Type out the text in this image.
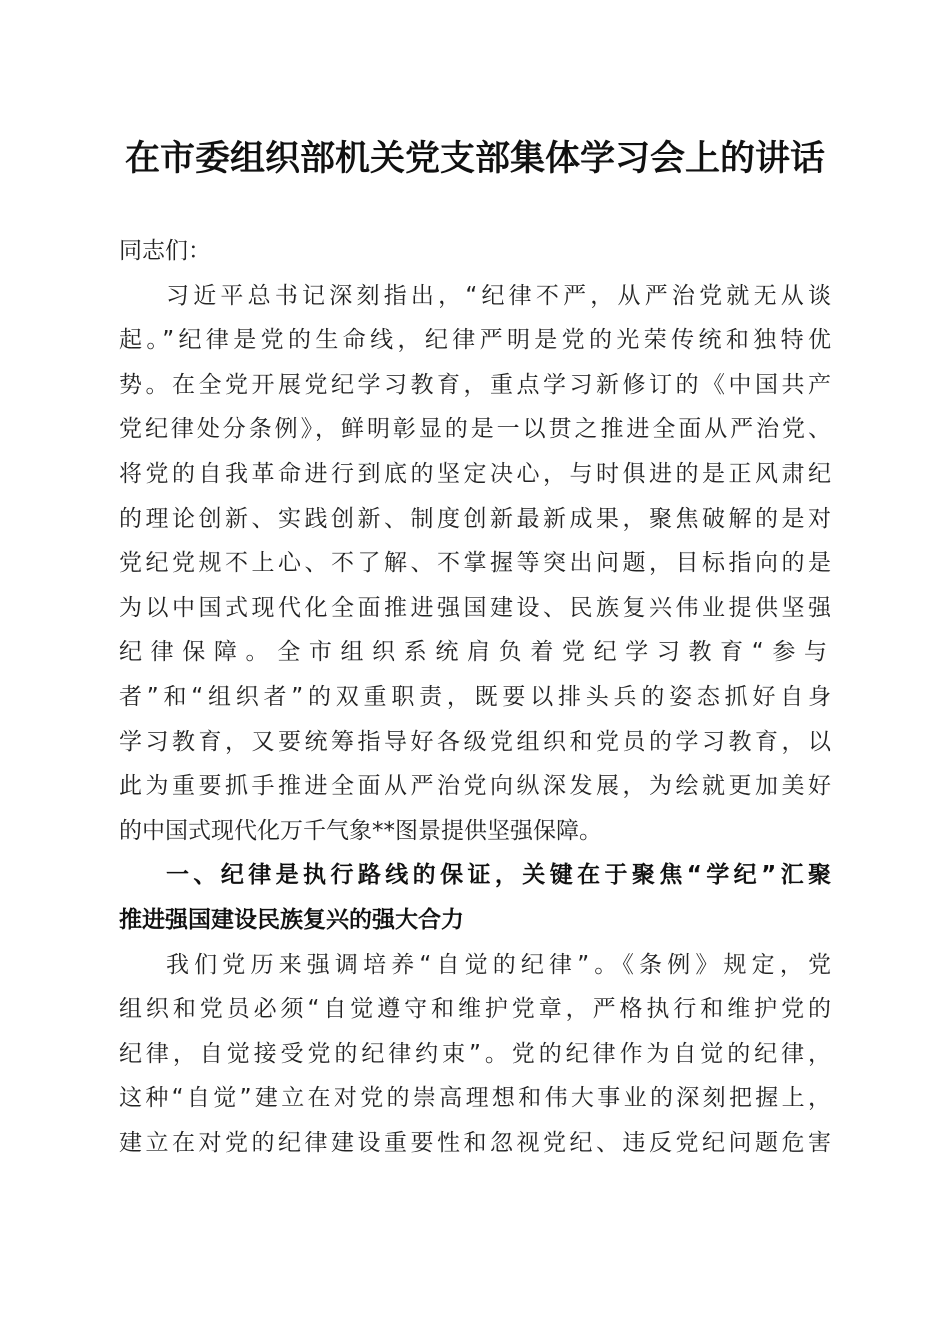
在市委组织部机关党支部集体学习会上的讲话
同志们：
习近平总书记深刻指出，“纪律不严，从严治党就无从谈
起。”纪律是党的生命线，纪律严明是党的光荣传统和独特优
势。在全党开展党纪学习教育，重点学习新修订的《中国共产
党纪律处分条例》，鲜明彰显的是一以贯之推进全面从严治党、
将党的自我革命进行到底的坚定决心，与时俱进的是正风肃纪
的理论创新、实践创新、制度创新最新成果，聚焦破解的是对
党纪党规不上心、不了解、不掌握等突出问题，目标指向的是
为以中国式现代化全面推进强国建设、民族复兴伟业提供坚强
纪律保障。全市组织系统肩负着党纪学习教育“参与
者”和“组织者”的双重职责，既要以排头兵的姿态抓好自身
学习教育，又要统筹指导好各级党组织和党员的学习教育，以
此为重要抓手推进全面从严治党向纵深发展，为绘就更加美好
的中国式现代化万千气象**图景提供坚强保障。
一、纪律是执行路线的保证，关键在于聚焦“学纪”汇聚
推进强国建设民族复兴的强大合力
我们党历来强调培养“自觉的纪律”。《条例》规定，党
组织和党员必须“自觉遵守和维护党章，严格执行和维护党的
纪律，自觉接受党的纪律约束”。党的纪律作为自觉的纪律，
这种“自觉”建立在对党的崇高理想和伟大事业的深刻把握上，
建立在对党的纪律建设重要性和忽视党纪、违反党纪问题危害
